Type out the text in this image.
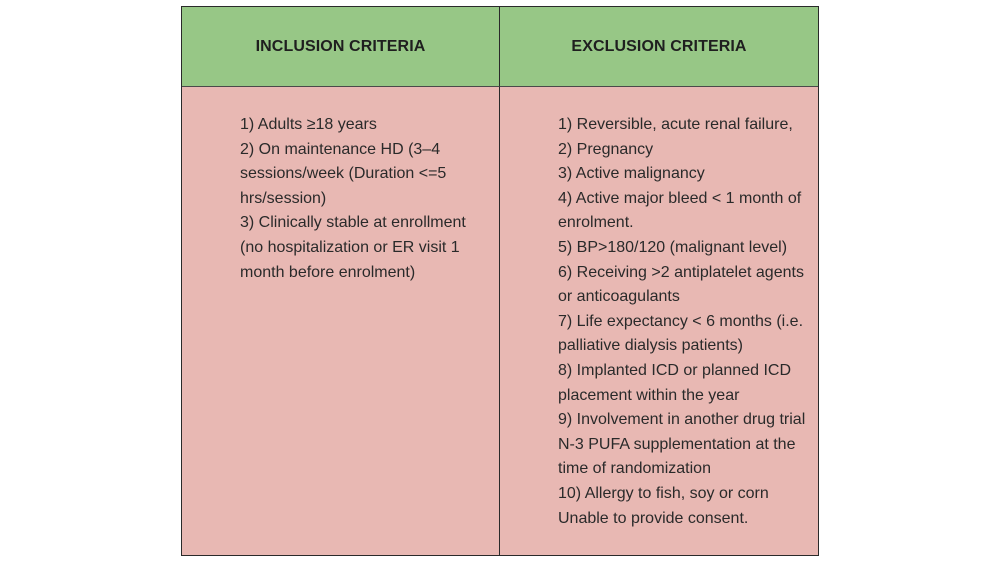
INCLUSION CRITERIA	EXCLUSION CRITERIA
1) Adults ≥18 years
2) On maintenance HD (3–4 sessions/week (Duration <=5 hrs/session)
3) Clinically stable at enrollment (no hospitalization or ER visit 1 month before enrolment)
1) Reversible, acute renal failure,
2) Pregnancy
3) Active malignancy
4) Active major bleed < 1 month of enrolment.
5) BP>180/120 (malignant level)
6) Receiving >2 antiplatelet agents or anticoagulants
7) Life expectancy < 6 months (i.e. palliative dialysis patients)
8) Implanted ICD or planned ICD placement within the year
9) Involvement in another drug trial N-3 PUFA supplementation at the time of randomization
10) Allergy to fish, soy or corn
Unable to provide consent.
